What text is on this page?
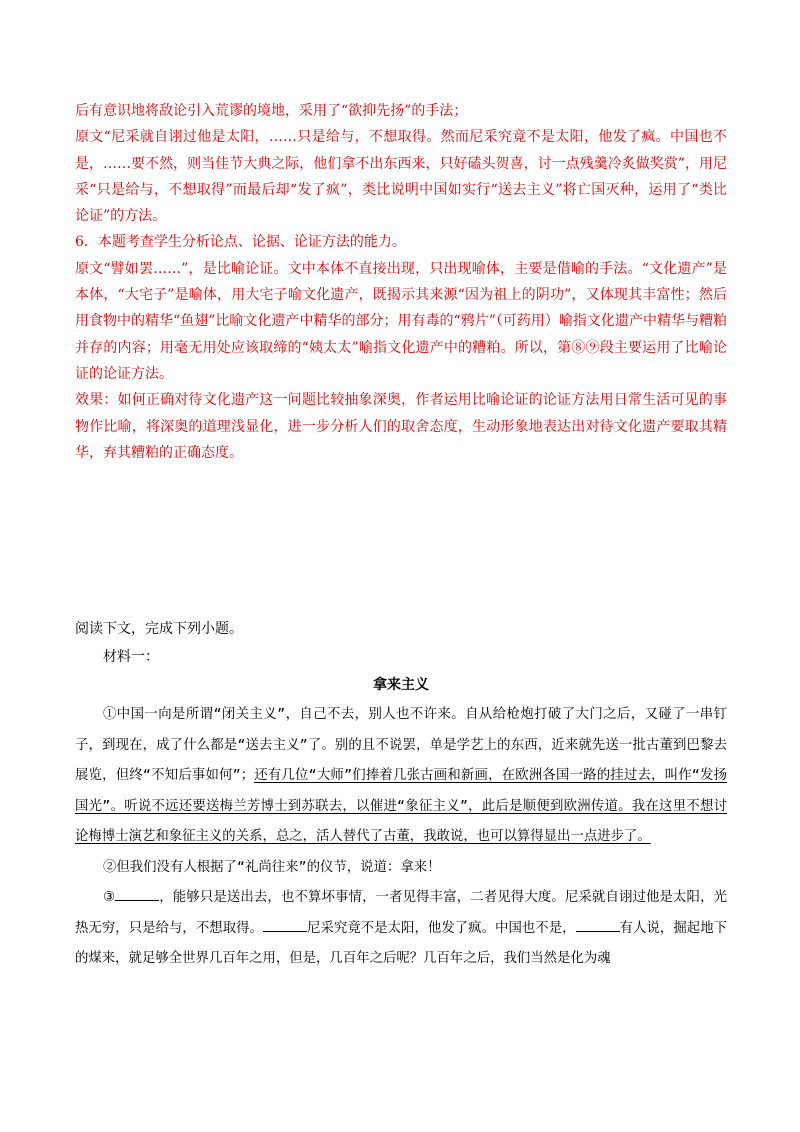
后有意识地将敌论引入荒谬的境地，采用了“欲抑先扬”的手法；

原文“尼采就自诩过他是太阳，……只是给与，不想取得。然而尼采究竟不是太阳，他发了疯。中国也不是，……要不然，则当佳节大典之际，他们拿不出东西来，只好磕头贺喜，讨一点残羹冷炙做奖赏”，用尼采“只是给与，不想取得”而最后却“发了疯”，类比说明中国如实行“送去主义”将亡国灭种，运用了“类比论证”的方法。

6．本题考查学生分析论点、论据、论证方法的能力。

原文“譬如罢……”，是比喻论证。文中本体不直接出现，只出现喻体，主要是借喻的手法。“文化遗产”是本体，“大宅子”是喻体，用大宅子喻文化遗产，既揭示其来源“因为祖上的阴功”，又体现其丰富性；然后用食物中的精华“鱼翅”比喻文化遗产中精华的部分；用有毒的“鸦片”（可药用）喻指文化遗产中精华与糟粕并存的内容；用毫无用处应该取缔的“姨太太”喻指文化遗产中的糟粕。所以，第⑧⑨段主要运用了比喻论证的论证方法。

效果：如何正确对待文化遗产这一问题比较抽象深奥，作者运用比喻论证的论证方法用日常生活可见的事物作比喻，将深奥的道理浅显化，进一步分析人们的取舍态度，生动形象地表达出对待文化遗产要取其精华，弃其糟粕的正确态度。

阅读下文，完成下列小题。

材料一：

拿来主义

①中国一向是所谓“闭关主义”，自己不去，别人也不许来。自从给枪炮打破了大门之后，又碰了一串钉子，到现在，成了什么都是“送去主义”了。别的且不说罢，单是学艺上的东西，近来就先送一批古董到巴黎去展览，但终“不知后事如何”；还有几位“大师”们捧着几张古画和新画，在欧洲各国一路的挂过去，叫作“发扬国光”。听说不远还要送梅兰芳博士到苏联去，以催进“象征主义”，此后是顺便到欧洲传道。我在这里不想讨论梅博士演艺和象征主义的关系，总之，活人替代了古董，我敢说，也可以算得显出一点进步了。

②但我们没有人根据了“礼尚往来”的仪节，说道：拿来！

③	，能够只是送出去，也不算坏事情，一者见得丰富，二者见得大度。尼采就自诩过他是太阳，光热无穷，只是给与，不想取得。	尼采究竟不是太阳，他发了疯。中国也不是，	有人说，掘起地下的煤来，就足够全世界几百年之用，但是，几百年之后呢？几百年之后，我们当然是化为魂
